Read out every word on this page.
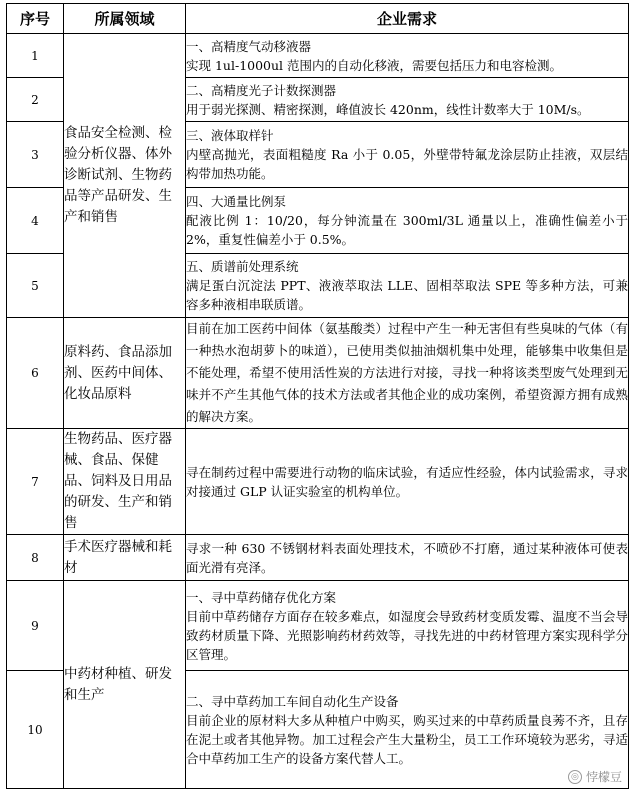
序号	所属领域	企业需求
1	食品安全检测、检验分析仪器、体外诊断试剂、生物药品等产品研发、生产和销售	一、高精度气动移液器
实现 1ul-1000ul 范围内的自动化移液，需要包括压力和电容检测。

2		二、高精度光子计数探测器
用于弱光探测、精密探测，峰值波长 420nm，线性计数率大于 10M/s。

3		三、液体取样针
内壁高抛光，表面粗糙度 Ra 小于 0.05，外壁带特氟龙涂层防止挂液，双层结构带加热功能。

4		四、大通量比例泵
配液比例 1：10/20，每分钟流量在 300ml/3L 通量以上，准确性偏差小于 2%，重复性偏差小于 0.5%。

5		五、质谱前处理系统
满足蛋白沉淀法 PPT、液液萃取法 LLE、固相萃取法 SPE 等多种方法，可兼容多种液相串联质谱。

6	原料药、食品添加剂、医药中间体、化妆品原料	目前在加工医药中间体（氨基酸类）过程中产生一种无害但有些臭味的气体（有一种热水泡胡萝卜的味道），已使用类似抽油烟机集中处理，能够集中收集但是不能处理，希望不使用活性炭的方法进行对接，寻找一种将该类型废气处理到无味并不产生其他气体的技术方法或者其他企业的成功案例，希望资源方拥有成熟的解决方案。

7	生物药品、医疗器械、食品、保健品、饲料及日用品的研发、生产和销售	寻在制药过程中需要进行动物的临床试验，有适应性经验，体内试验需求，寻求对接通过 GLP 认证实验室的机构单位。

8	手术医疗器械和耗材	寻求一种 630 不锈钢材料表面处理技术，不喷砂不打磨，通过某种液体可使表面光滑有亮泽。

9	中药材种植、研发和生产	一、寻中草药储存优化方案
目前中草药储存方面存在较多难点，如湿度会导致药材变质发霉、温度不当会导致药材质量下降、光照影响药材药效等，寻找先进的中药材管理方案实现科学分区管理。

10		二、寻中草药加工车间自动化生产设备
目前企业的原材料大多从种植户中购买，购买过来的中草药质量良莠不齐，且存在泥土或者其他异物。加工过程会产生大量粉尘，员工工作环境较为恶劣，寻适合中草药加工生产的设备方案代替人工。
◎ 悖檬豆
